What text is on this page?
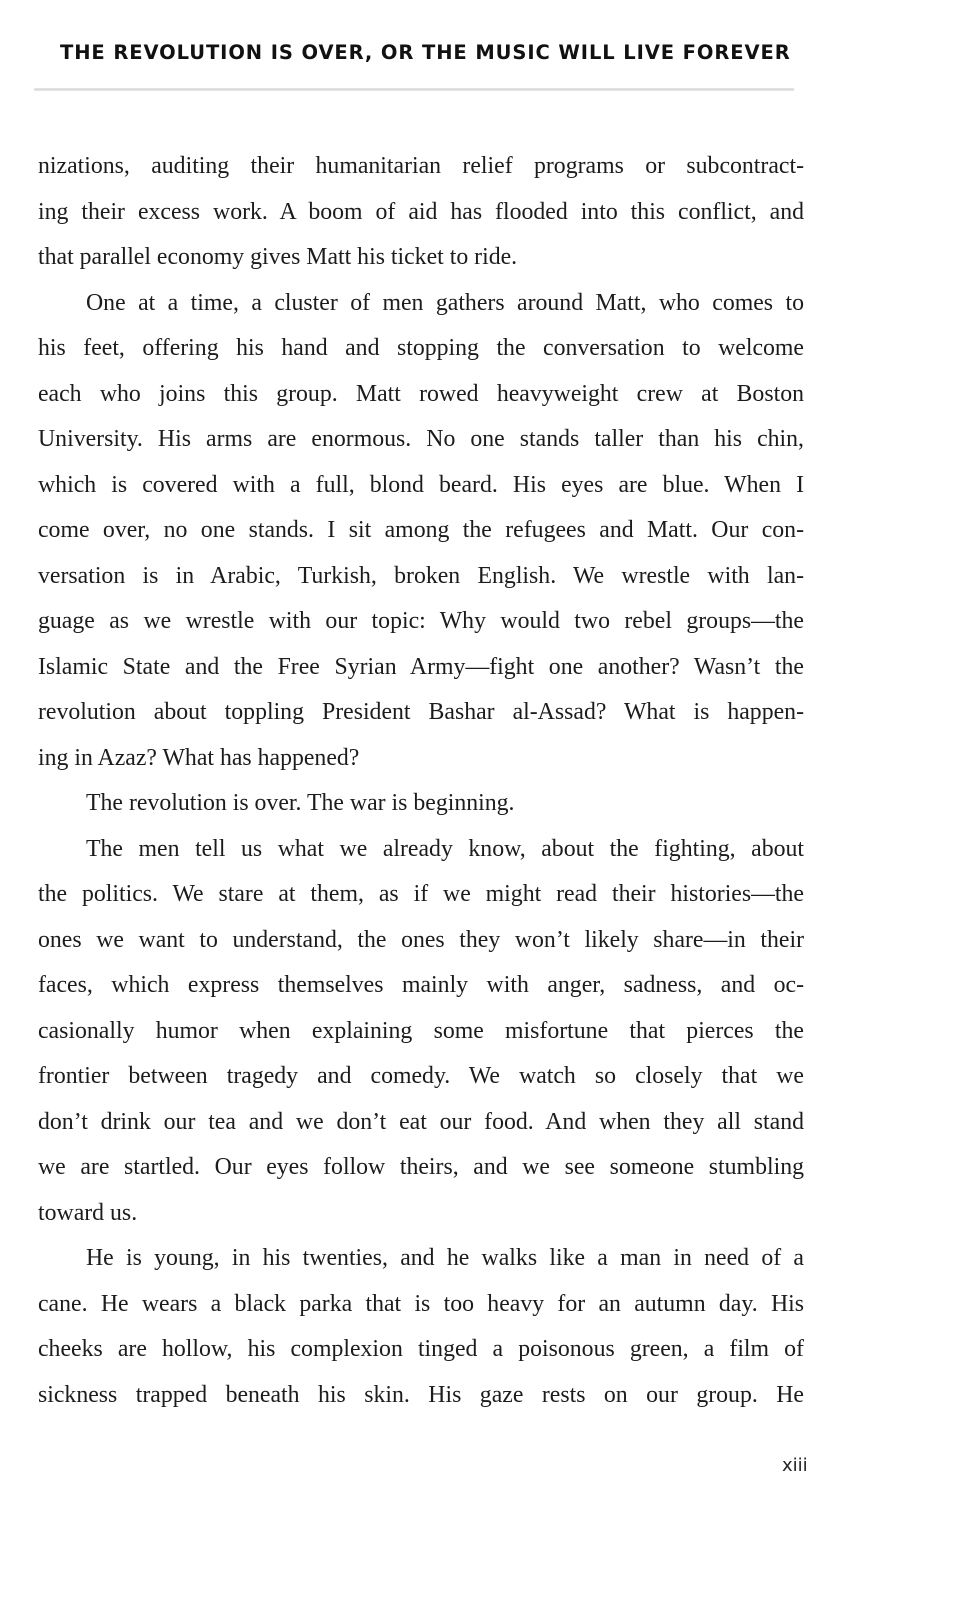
THE REVOLUTION IS OVER, OR THE MUSIC WILL LIVE FOREVER
nizations, auditing their humanitarian relief programs or subcontract-
ing their excess work. A boom of aid has flooded into this conflict, and
that parallel economy gives Matt his ticket to ride.
One at a time, a cluster of men gathers around Matt, who comes to
his feet, offering his hand and stopping the conversation to welcome
each who joins this group. Matt rowed heavyweight crew at Boston
University. His arms are enormous. No one stands taller than his chin,
which is covered with a full, blond beard. His eyes are blue. When I
come over, no one stands. I sit among the refugees and Matt. Our con-
versation is in Arabic, Turkish, broken English. We wrestle with lan-
guage as we wrestle with our topic: Why would two rebel groups—the
Islamic State and the Free Syrian Army—fight one another? Wasn’t the
revolution about toppling President Bashar al-Assad? What is happen-
ing in Azaz? What has happened?
The revolution is over. The war is beginning.
The men tell us what we already know, about the fighting, about
the politics. We stare at them, as if we might read their histories—the
ones we want to understand, the ones they won’t likely share—in their
faces, which express themselves mainly with anger, sadness, and oc-
casionally humor when explaining some misfortune that pierces the
frontier between tragedy and comedy. We watch so closely that we
don’t drink our tea and we don’t eat our food. And when they all stand
we are startled. Our eyes follow theirs, and we see someone stumbling
toward us.
He is young, in his twenties, and he walks like a man in need of a
cane. He wears a black parka that is too heavy for an autumn day. His
cheeks are hollow, his complexion tinged a poisonous green, a film of
sickness trapped beneath his skin. His gaze rests on our group. He
xiii
